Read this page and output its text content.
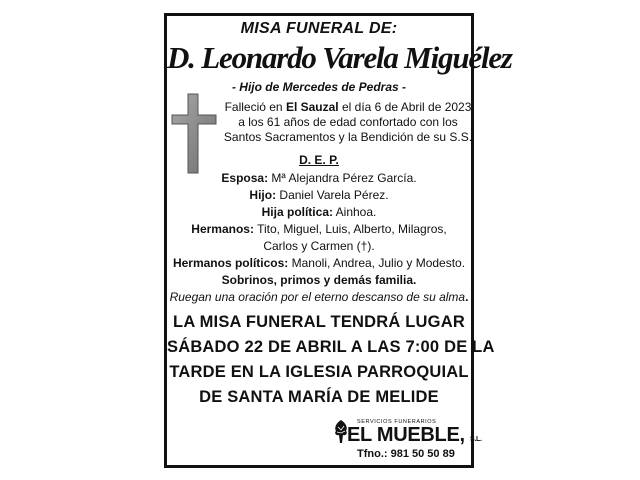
MISA FUNERAL DE:
D. Leonardo Varela Miguélez
- Hijo de Mercedes de Pedras -
Falleció en El Sauzal el día 6 de Abril de 2023
a los 61 años de edad confortado con los
Santos Sacramentos y la Bendición de su S.S.
D. E. P.
Esposa: Mª Alejandra Pérez García.
Hijo: Daniel Varela Pérez.
Hija política: Ainhoa.
Hermanos: Tito, Miguel, Luis, Alberto, Milagros,
Carlos y Carmen (†).
Hermanos políticos: Manoli, Andrea, Julio y Modesto.
Sobrinos, primos y demás familia.
Ruegan una oración por el eterno descanso de su alma.
LA MISA FUNERAL TENDRÁ LUGAR
SÁBADO 22 DE ABRIL A LAS 7:00 DE LA
TARDE EN LA IGLESIA PARROQUIAL
DE SANTA MARÍA DE MELIDE
SERVICIOS FUNERARIOS
EL MUEBLE, S.L.
Tfno.: 981 50 50 89
